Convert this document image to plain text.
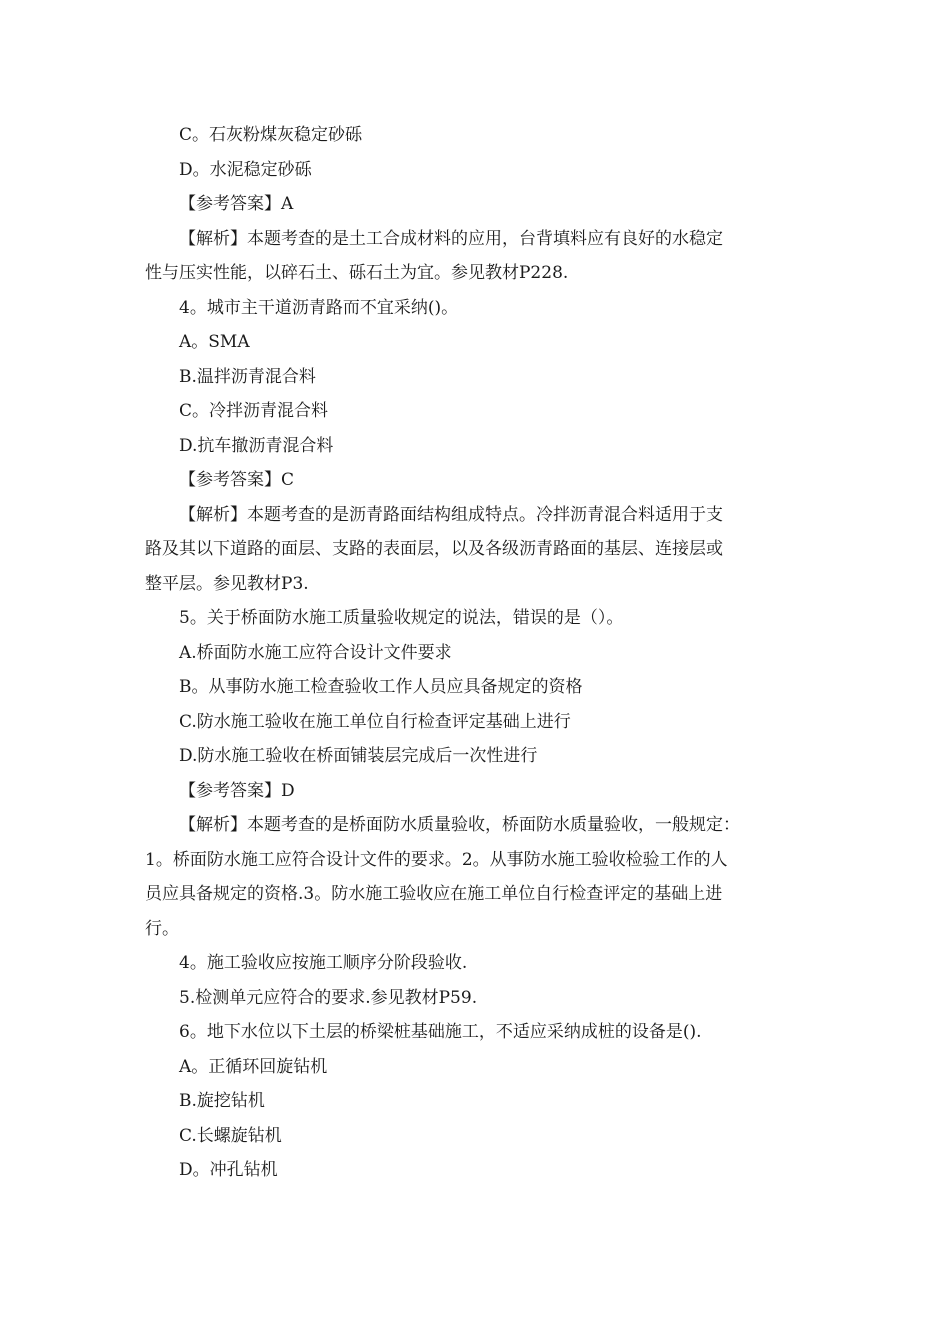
C。石灰粉煤灰稳定砂砾

D。水泥稳定砂砾

【参考答案】A

【解析】本题考查的是土工合成材料的应用，台背填料应有良好的水稳定

性与压实性能，以碎石土、砾石土为宜。参见教材P228.

4。城市主干道沥青路而不宜采纳()。

A。SMA

B.温拌沥青混合料

C。冷拌沥青混合料

D.抗车撤沥青混合料

【参考答案】C

【解析】本题考查的是沥青路面结构组成特点。冷拌沥青混合料适用于支

路及其以下道路的面层、支路的表面层，以及各级沥青路面的基层、连接层或

整平层。参见教材P3.

5。关于桥面防水施工质量验收规定的说法，错误的是（）。

A.桥面防水施工应符合设计文件要求

B。从事防水施工检查验收工作人员应具备规定的资格

C.防水施工验收在施工单位自行检查评定基础上进行

D.防水施工验收在桥面铺装层完成后一次性进行

【参考答案】D

【解析】本题考查的是桥面防水质量验收，桥面防水质量验收，一般规定：

1。桥面防水施工应符合设计文件的要求。2。从事防水施工验收检验工作的人

员应具备规定的资格.3。防水施工验收应在施工单位自行检查评定的基础上进

行。

4。施工验收应按施工顺序分阶段验收.

5.检测单元应符合的要求.参见教材P59.

6。地下水位以下土层的桥梁桩基础施工，不适应采纳成桩的设备是().

A。正循环回旋钻机

B.旋挖钻机

C.长螺旋钻机

D。冲孔钻机
